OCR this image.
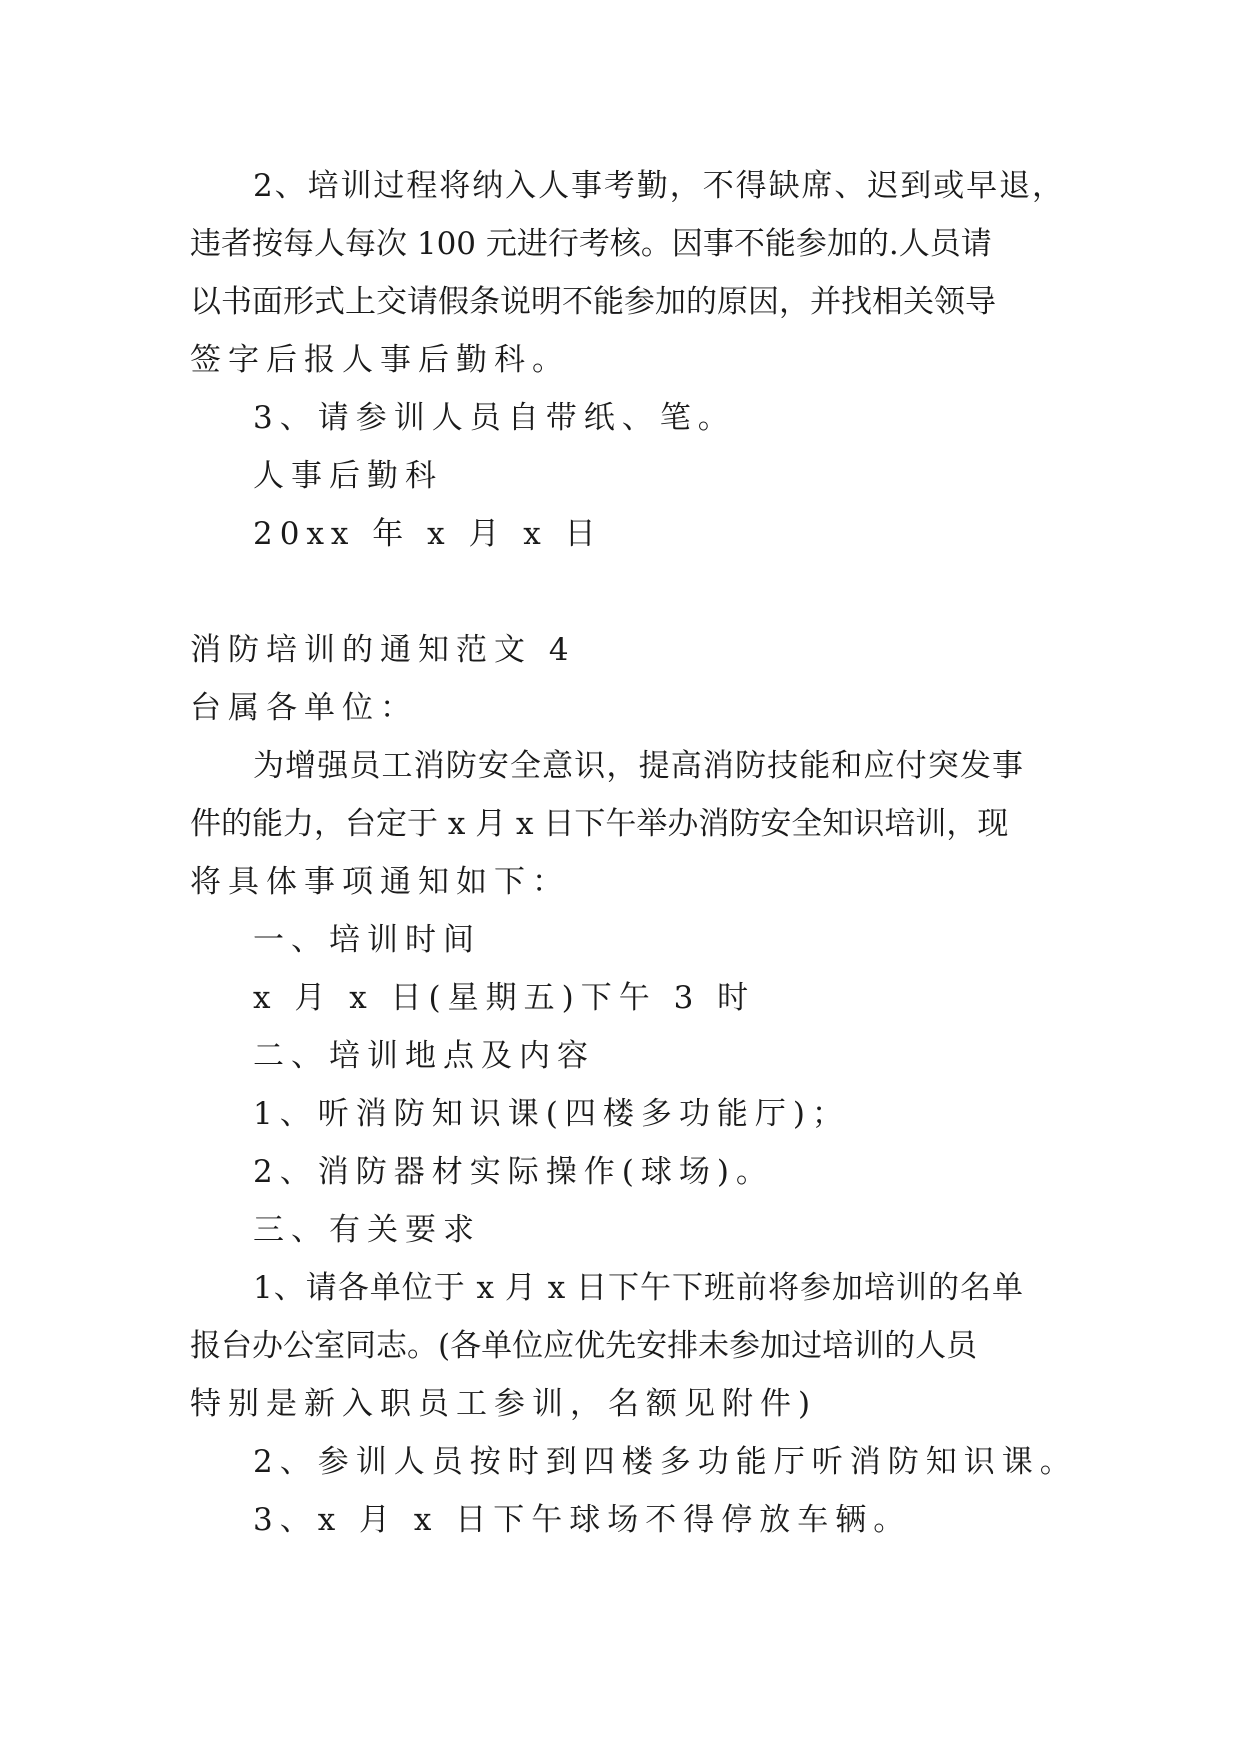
2、培训过程将纳入人事考勤，不得缺席、迟到或早退，
违者按每人每次 100 元进行考核。因事不能参加的.人员请
以书面形式上交请假条说明不能参加的原因，并找相关领导
签字后报人事后勤科。
3、请参训人员自带纸、笔。
人事后勤科
20xx 年 x 月 x 日
消防培训的通知范文 4
台属各单位：
为增强员工消防安全意识，提高消防技能和应付突发事
件的能力，台定于 x 月 x 日下午举办消防安全知识培训，现
将具体事项通知如下：
一、培训时间
x 月 x 日(星期五)下午 3 时
二、培训地点及内容
1、听消防知识课(四楼多功能厅)；
2、消防器材实际操作(球场)。
三、有关要求
1、请各单位于 x 月 x 日下午下班前将参加培训的名单
报台办公室同志。(各单位应优先安排未参加过培训的人员
特别是新入职员工参训，名额见附件)
2、参训人员按时到四楼多功能厅听消防知识课。
3、x 月 x 日下午球场不得停放车辆。
